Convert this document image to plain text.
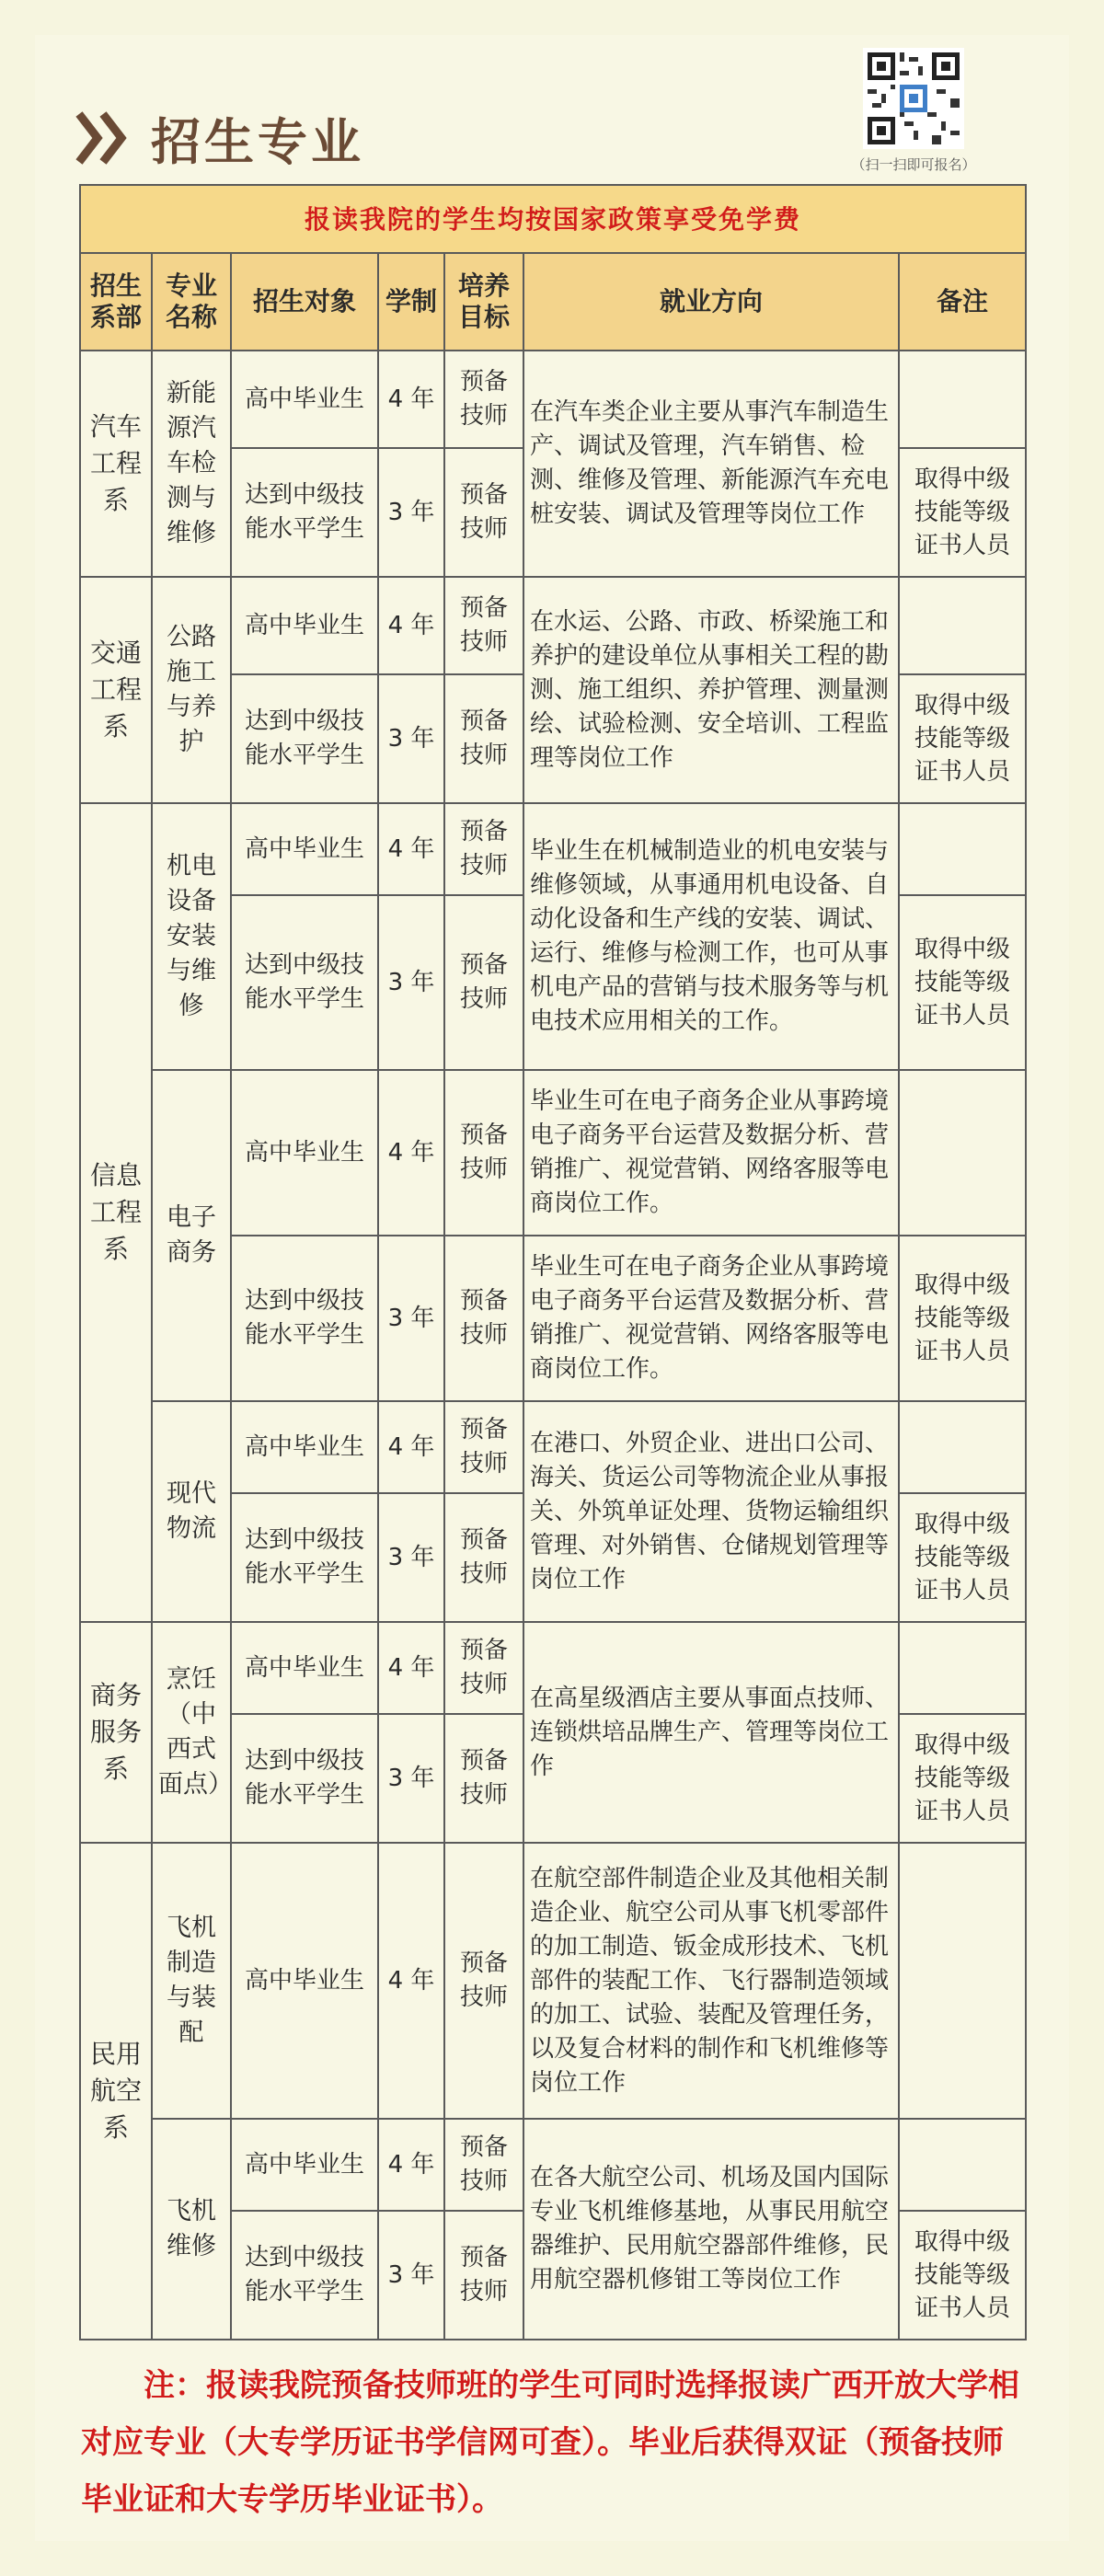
招生专业	（扫一扫即可报名）
报读我院的学生均按国家政策享受免学费						
招生系部	专业名称	招生对象	学制	培养目标	就业方向	备注
汽车工程系	新能源汽车检测与维修	高中毕业生	4 年	预备技师	在汽车类企业主要从事汽车制造生产、调试及管理，汽车销售、检测、维修及管理、新能源汽车充电桩安装、调试及管理等岗位工作	
		达到中级技能水平学生	3 年	预备技师		取得中级技能等级证书人员
交通工程系	公路施工与养护	高中毕业生	4 年	预备技师	在水运、公路、市政、桥梁施工和养护的建设单位从事相关工程的勘测、施工组织、养护管理、测量测绘、试验检测、安全培训、工程监理等岗位工作	
		达到中级技能水平学生	3 年	预备技师		取得中级技能等级证书人员
信息工程系	机电设备安装与维修	高中毕业生	4 年	预备技师	毕业生在机械制造业的机电安装与维修领域，从事通用机电设备、自动化设备和生产线的安装、调试、运行、维修与检测工作，也可从事机电产品的营销与技术服务等与机电技术应用相关的工作。	
		达到中级技能水平学生	3 年	预备技师		取得中级技能等级证书人员
	电子商务	高中毕业生	4 年	预备技师	毕业生可在电子商务企业从事跨境电子商务平台运营及数据分析、营销推广、视觉营销、网络客服等电商岗位工作。	
		达到中级技能水平学生	3 年	预备技师	毕业生可在电子商务企业从事跨境电子商务平台运营及数据分析、营销推广、视觉营销、网络客服等电商岗位工作。	取得中级技能等级证书人员
	现代物流	高中毕业生	4 年	预备技师	在港口、外贸企业、进出口公司、海关、货运公司等物流企业从事报关、外筑单证处理、货物运输组织管理、对外销售、仓储规划管理等岗位工作	
		达到中级技能水平学生	3 年	预备技师		取得中级技能等级证书人员
商务服务系	烹饪（中西式面点）	高中毕业生	4 年	预备技师	在高星级酒店主要从事面点技师、连锁烘培品牌生产、管理等岗位工作	
		达到中级技能水平学生	3 年	预备技师		取得中级技能等级证书人员
民用航空系	飞机制造与装配	高中毕业生	4 年	预备技师	在航空部件制造企业及其他相关制造企业、航空公司从事飞机零部件的加工制造、钣金成形技术、飞机部件的装配工作、飞行器制造领域的加工、试验、装配及管理任务，以及复合材料的制作和飞机维修等岗位工作	
	飞机维修	高中毕业生	4 年	预备技师	在各大航空公司、机场及国内国际专业飞机维修基地，从事民用航空器维护、民用航空器部件维修，民用航空器机修钳工等岗位工作	
		达到中级技能水平学生	3 年	预备技师		取得中级技能等级证书人员
注：报读我院预备技师班的学生可同时选择报读广西开放大学相对应专业（大专学历证书学信网可查）。毕业后获得双证（预备技师毕业证和大专学历毕业证书）。
